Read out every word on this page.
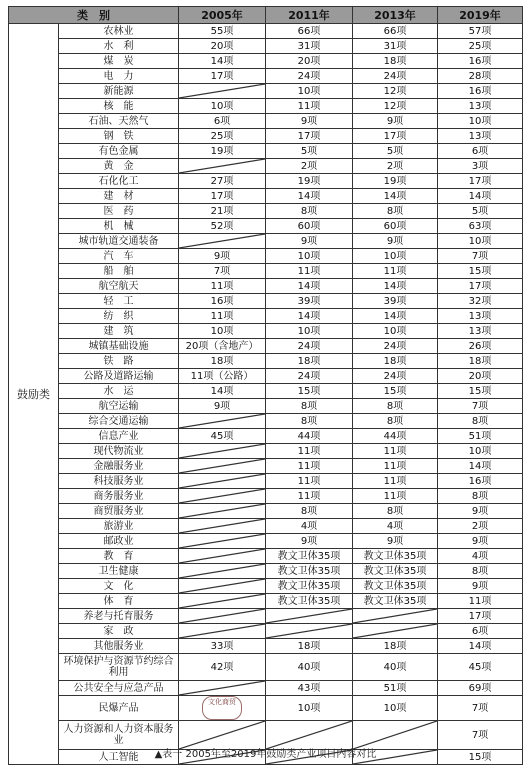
类　别		2005年	2011年	2013年	2019年
鼓励类	农林业	55项	66项	66项	57项
	水　利	20项	31项	31项	25项
	煤　炭	14项	20项	18项	16项
	电　力	17项	24项	24项	28项
	新能源		10项	12项	16项
	核　能	10项	11项	12项	13项
	石油、天然气	6项	9项	9项	10项
	钢　铁	25项	17项	17项	13项
	有色金属	19项	5项	5项	6项
	黄　金		2项	2项	3项
	石化化工	27项	19项	19项	17项
	建　材	17项	14项	14项	14项
	医　药	21项	8项	8项	5项
	机　械	52项	60项	60项	63项
	城市轨道交通装备		9项	9项	10项
	汽　车	9项	10项	10项	7项
	船　舶	7项	11项	11项	15项
	航空航天	11项	14项	14项	17项
	轻　工	16项	39项	39项	32项
	纺　织	11项	14项	14项	13项
	建　筑	10项	10项	10项	13项
	城镇基础设施	20项（含地产）	24项	24项	26项
	铁　路	18项	18项	18项	18项
	公路及道路运输	11项（公路）	24项	24项	20项
	水　运	14项	15项	15项	15项
	航空运输	9项	8项	8项	7项
	综合交通运输		8项	8项	8项
	信息产业	45项	44项	44项	51项
	现代物流业		11项	11项	10项
	金融服务业		11项	11项	14项
	科技服务业		11项	11项	16项
	商务服务业		11项	11项	8项
	商贸服务业		8项	8项	9项
	旅游业		4项	4项	2项
	邮政业		9项	9项	9项
	教　育		教文卫体35项	教文卫体35项	4项
	卫生健康		教文卫体35项	教文卫体35项	8项
	文　化		教文卫体35项	教文卫体35项	9项
	体　育		教文卫体35项	教文卫体35项	11项
	养老与托育服务				17项
	家　政				6项
	其他服务业	33项	18项	18项	14项
	环境保护与资源节约综合利用	42项	40项	40项	45项
	公共安全与应急产品		43项	51项	69项
	民爆产品	文化商贸	10项	10项	7项
	人力资源和人力资本服务业				7项
	人工智能				15项
▲表一 2005年至2019年鼓励类产业项目内容对比
